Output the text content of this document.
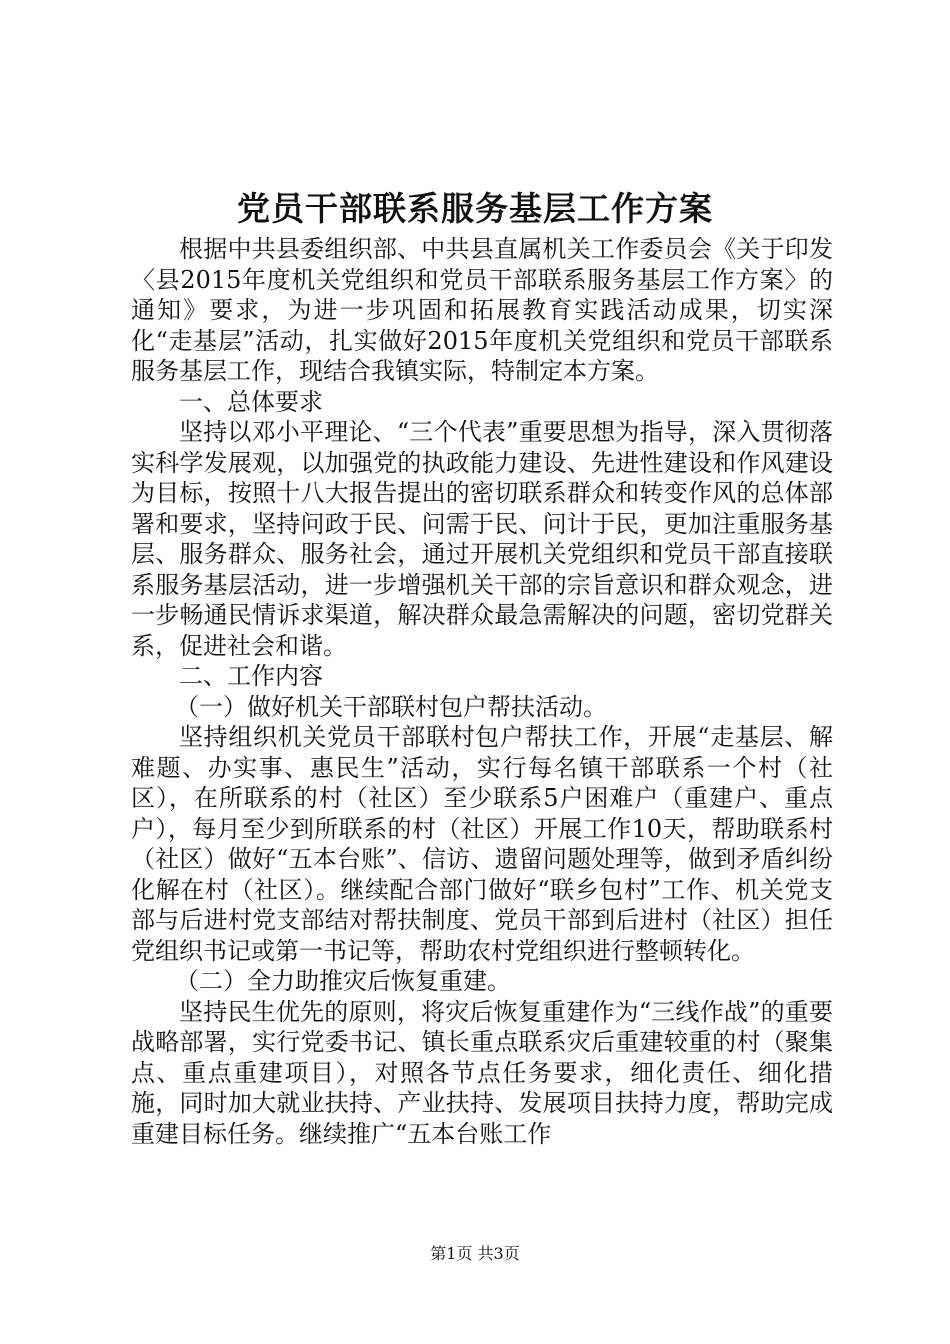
党员干部联系服务基层工作方案

根据中共县委组织部、中共县直属机关工作委员会《关于印发〈县2015年度机关党组织和党员干部联系服务基层工作方案〉的通知》要求，为进一步巩固和拓展教育实践活动成果，切实深化“走基层”活动，扎实做好2015年度机关党组织和党员干部联系服务基层工作，现结合我镇实际，特制定本方案。

一、总体要求

坚持以邓小平理论、“三个代表”重要思想为指导，深入贯彻落实科学发展观，以加强党的执政能力建设、先进性建设和作风建设为目标，按照十八大报告提出的密切联系群众和转变作风的总体部署和要求，坚持问政于民、问需于民、问计于民，更加注重服务基层、服务群众、服务社会，通过开展机关党组织和党员干部直接联系服务基层活动，进一步增强机关干部的宗旨意识和群众观念，进一步畅通民情诉求渠道，解决群众最急需解决的问题，密切党群关系，促进社会和谐。

二、工作内容

（一）做好机关干部联村包户帮扶活动。

坚持组织机关党员干部联村包户帮扶工作，开展“走基层、解难题、办实事、惠民生”活动，实行每名镇干部联系一个村（社区），在所联系的村（社区）至少联系5户困难户（重建户、重点户），每月至少到所联系的村（社区）开展工作10天，帮助联系村（社区）做好“五本台账”、信访、遗留问题处理等，做到矛盾纠纷化解在村（社区）。继续配合部门做好“联乡包村”工作、机关党支部与后进村党支部结对帮扶制度、党员干部到后进村（社区）担任党组织书记或第一书记等，帮助农村党组织进行整顿转化。

（二）全力助推灾后恢复重建。

坚持民生优先的原则，将灾后恢复重建作为“三线作战”的重要战略部署，实行党委书记、镇长重点联系灾后重建较重的村（聚集点、重点重建项目），对照各节点任务要求，细化责任、细化措施，同时加大就业扶持、产业扶持、发展项目扶持力度，帮助完成重建目标任务。继续推广“五本台账工作

第1页 共3页
